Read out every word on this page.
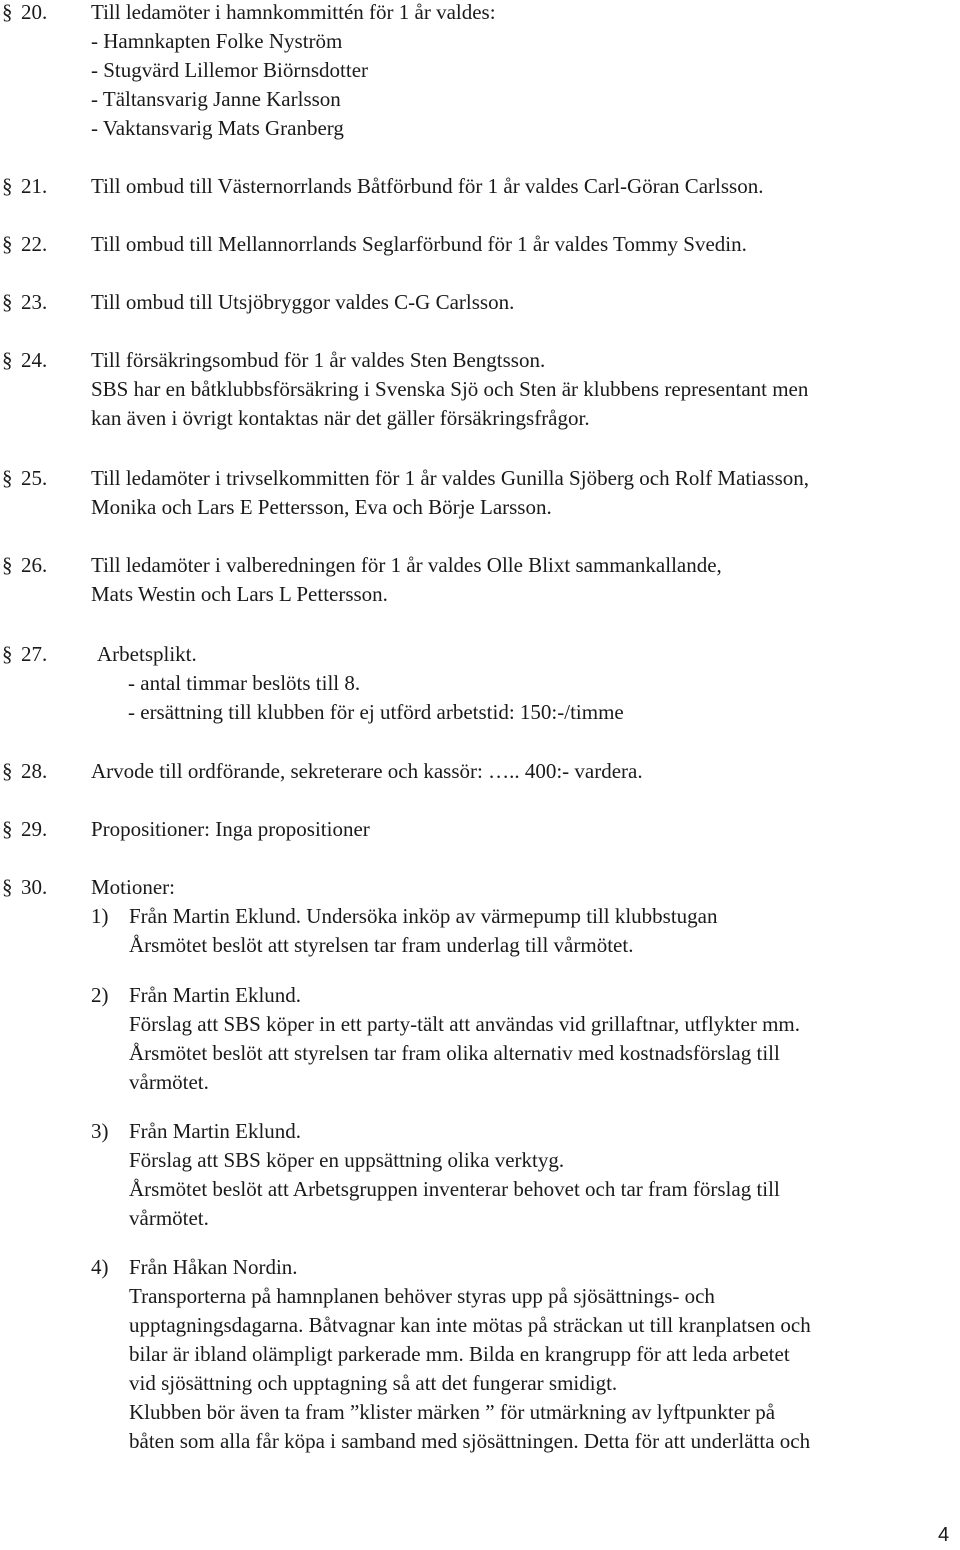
§ 20. Till ledamöter i hamnkommittén för 1 år valdes:
- Hamnkapten Folke Nyström
- Stugvärd Lillemor Biörnsdotter
- Tältansvarig Janne Karlsson
- Vaktansvarig Mats Granberg
§ 21. Till ombud till Västernorrlands Båtförbund för 1 år valdes Carl-Göran Carlsson.
§ 22. Till ombud till Mellannorrlands Seglarförbund för 1 år valdes Tommy Svedin.
§ 23. Till ombud till Utsjöbryggor valdes C-G Carlsson.
§ 24. Till försäkringsombud för 1 år valdes Sten Bengtsson.
SBS har en båtklubbsförsäkring i Svenska Sjö och Sten är klubbens representant men
kan även i övrigt kontaktas när det gäller försäkringsfrågor.
§ 25. Till ledamöter i trivselkommitten för 1 år valdes Gunilla Sjöberg och Rolf Matiasson,
Monika och Lars E Pettersson, Eva och Börje Larsson.
§ 26. Till ledamöter i valberedningen för 1 år valdes Olle Blixt sammankallande,
Mats Westin och Lars L Pettersson.
§ 27. Arbetsplikt.
- antal timmar beslöts till 8.
- ersättning till klubben för ej utförd arbetstid: 150:-/timme
§ 28. Arvode till ordförande, sekreterare och kassör: ….. 400:- vardera.
§ 29. Propositioner: Inga propositioner
§ 30. Motioner:
1) Från Martin Eklund. Undersöka inköp av värmepump till klubbstugan
Årsmötet beslöt att styrelsen tar fram underlag till vårmötet.
2) Från Martin Eklund.
Förslag att SBS köper in ett party-tält att användas vid grillaftnar, utflykter mm.
Årsmötet beslöt att styrelsen tar fram olika alternativ med kostnadsförslag till
vårmötet.
3) Från Martin Eklund.
Förslag att SBS köper en uppsättning olika verktyg.
Årsmötet beslöt att Arbetsgruppen inventerar behovet och tar fram förslag till
vårmötet.
4) Från Håkan Nordin.
Transporterna på hamnplanen behöver styras upp på sjösättnings- och
upptagningsdagarna. Båtvagnar kan inte mötas på sträckan ut till kranplatsen och
bilar är ibland olämpligt parkerade mm. Bilda en krangrupp för att leda arbetet
vid sjösättning och upptagning så att det fungerar smidigt.
Klubben bör även ta fram ”klister märken ” för utmärkning av lyftpunkter på
båten som alla får köpa i samband med sjösättningen. Detta för att underlätta och
4
